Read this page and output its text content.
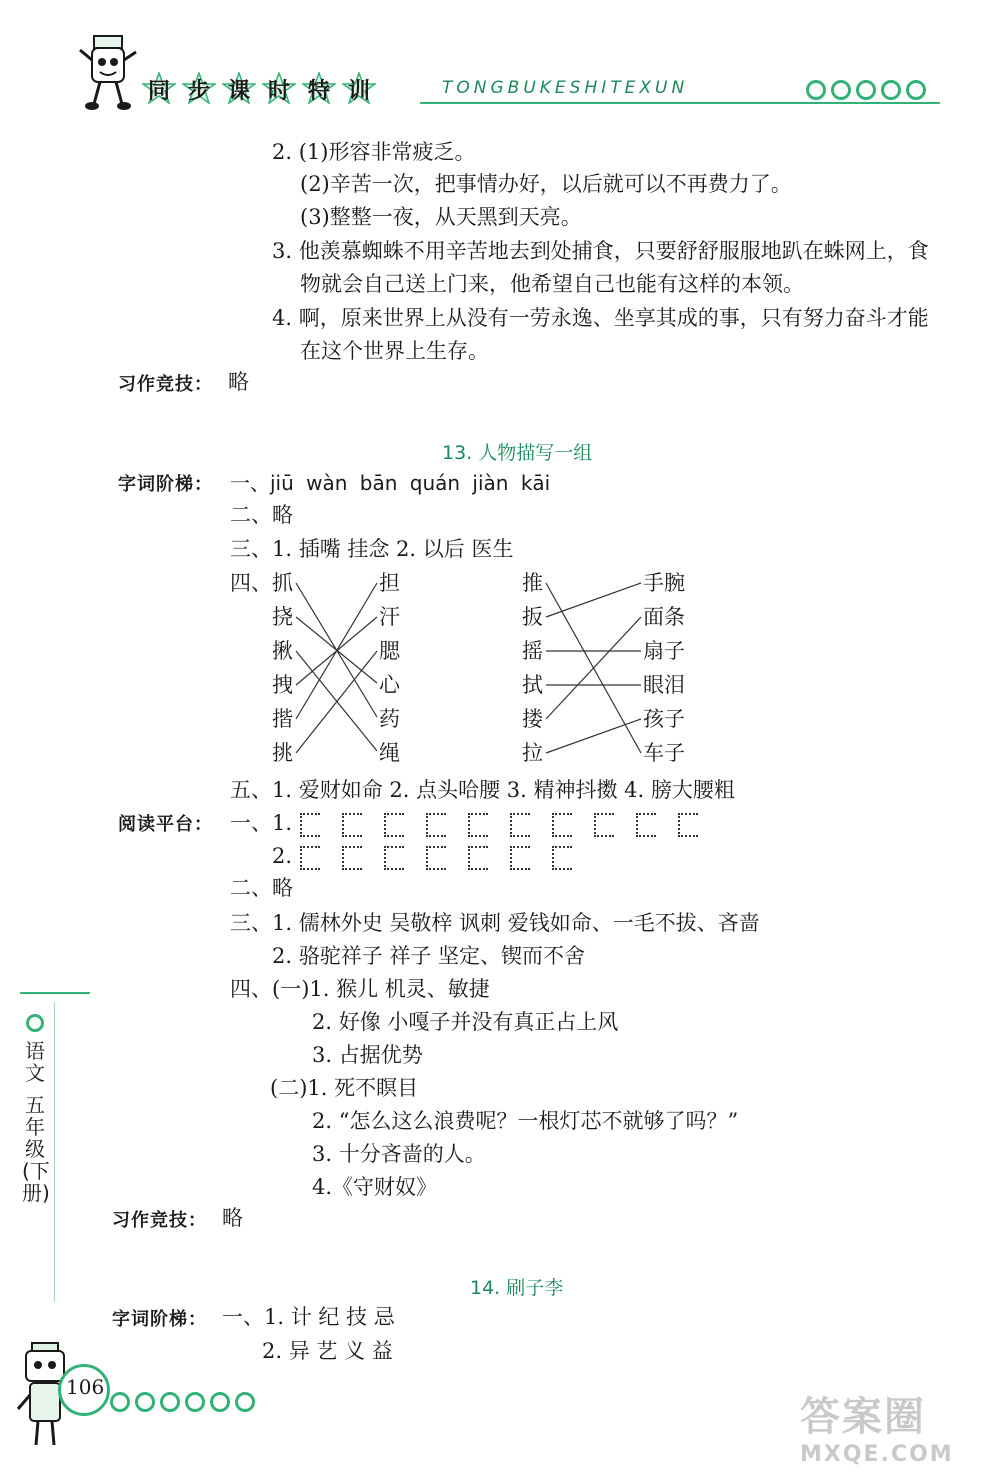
同 步 课 时 特 训	TONGBUKESHITEXUN
2. (1)形容非常疲乏。
(2)辛苦一次，把事情办好，以后就可以不再费力了。
(3)整整一夜，从天黑到天亮。
3. 他羡慕蜘蛛不用辛苦地去到处捕食，只要舒舒服服地趴在蛛网上，食
物就会自己送上门来，他希望自己也能有这样的本领。
4. 啊，原来世界上从没有一劳永逸、坐享其成的事，只有努力奋斗才能
在这个世界上生存。
习作竞技： 略
13. 人物描写一组
字词阶梯： 一、jiū wàn bān quán jiàn kāi
二、略
三、1. 插嘴 挂念 2. 以后 医生
四、 抓
挠
揪
拽
揩
挑
担
汗
腮
心
药
绳
推
扳
摇
拭
搂
拉
手腕
面条
扇子
眼泪
孩子
车子
五、1. 爱财如命 2. 点头哈腰 3. 精神抖擞 4. 膀大腰粗
阅读平台： 一、1.
2.
二、略
三、1. 儒林外史 吴敬梓 讽刺 爱钱如命、一毛不拔、吝啬
2. 骆驼祥子 祥子 坚定、锲而不舍
四、(一)1. 猴儿 机灵、敏捷
2. 好像 小嘎子并没有真正占上风
3. 占据优势
(二)1. 死不瞑目
2. “怎么这么浪费呢？一根灯芯不就够了吗？”
3. 十分吝啬的人。
4.《守财奴》
习作竞技： 略
14. 刷子李
字词阶梯： 一、1. 计 纪 技 忌
2. 异 艺 义 益
语文
五年级(下册)
106
答案圈
MXQE.COM
